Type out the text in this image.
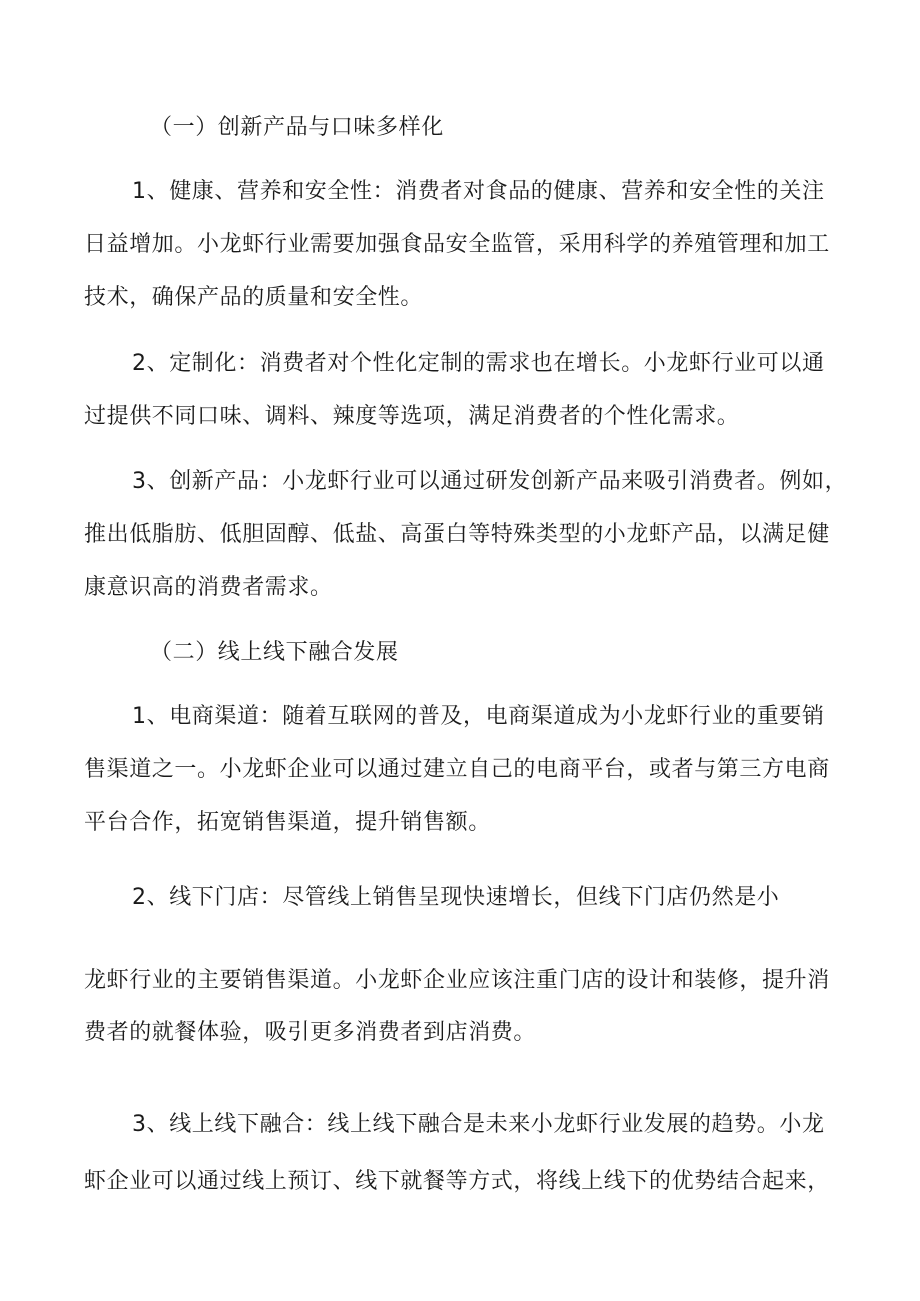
（一）创新产品与口味多样化
1、健康、营养和安全性：消费者对食品的健康、营养和安全性的关注
日益增加。小龙虾行业需要加强食品安全监管，采用科学的养殖管理和加工
技术，确保产品的质量和安全性。
2、定制化：消费者对个性化定制的需求也在增长。小龙虾行业可以通
过提供不同口味、调料、辣度等选项，满足消费者的个性化需求。
3、创新产品：小龙虾行业可以通过研发创新产品来吸引消费者。例如，
推出低脂肪、低胆固醇、低盐、高蛋白等特殊类型的小龙虾产品，以满足健
康意识高的消费者需求。
（二）线上线下融合发展
1、电商渠道：随着互联网的普及，电商渠道成为小龙虾行业的重要销
售渠道之一。小龙虾企业可以通过建立自己的电商平台，或者与第三方电商
平台合作，拓宽销售渠道，提升销售额。
2、线下门店：尽管线上销售呈现快速增长，但线下门店仍然是小
龙虾行业的主要销售渠道。小龙虾企业应该注重门店的设计和装修，提升消
费者的就餐体验，吸引更多消费者到店消费。
3、线上线下融合：线上线下融合是未来小龙虾行业发展的趋势。小龙
虾企业可以通过线上预订、线下就餐等方式，将线上线下的优势结合起来，
